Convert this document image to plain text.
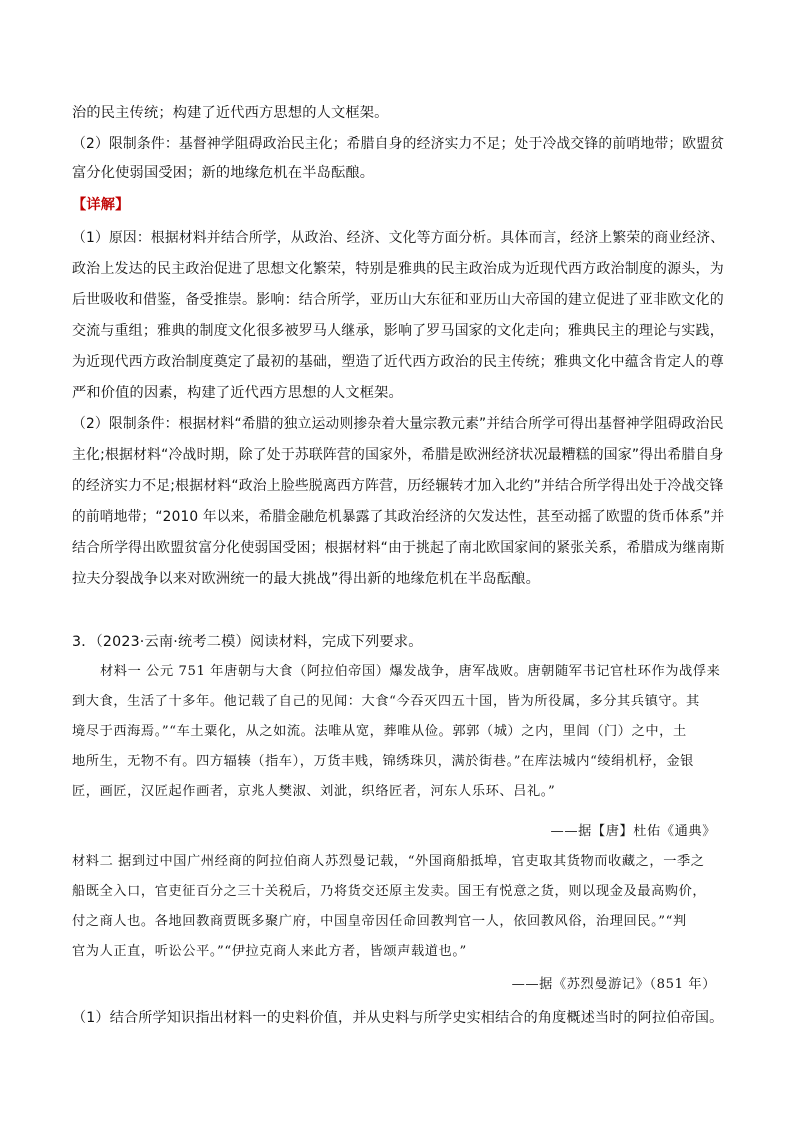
治的民主传统；构建了近代西方思想的人文框架。
（2）限制条件：基督神学阻碍政治民主化；希腊自身的经济实力不足；处于冷战交锋的前哨地带；欧盟贫
富分化使弱国受困；新的地缘危机在半岛酝酿。
【详解】
（1）原因：根据材料并结合所学，从政治、经济、文化等方面分析。具体而言，经济上繁荣的商业经济、
政治上发达的民主政治促进了思想文化繁荣，特别是雅典的民主政治成为近现代西方政治制度的源头，为
后世吸收和借鉴，备受推崇。影响：结合所学，亚历山大东征和亚历山大帝国的建立促进了亚非欧文化的
交流与重组；雅典的制度文化很多被罗马人继承，影响了罗马国家的文化走向；雅典民主的理论与实践，
为近现代西方政治制度奠定了最初的基础，塑造了近代西方政治的民主传统；雅典文化中蕴含肯定人的尊
严和价值的因素，构建了近代西方思想的人文框架。
（2）限制条件：根据材料“希腊的独立运动则掺杂着大量宗教元素”并结合所学可得出基督神学阻碍政治民
主化;根据材料“冷战时期，除了处于苏联阵营的国家外，希腊是欧洲经济状况最糟糕的国家”得出希腊自身
的经济实力不足;根据材料“政治上脸些脱离西方阵营，历经辗转才加入北约”并结合所学得出处于冷战交锋
的前哨地带；“2010 年以来，希腊金融危机暴露了其政治经济的欠发达性，甚至动摇了欧盟的货币体系”并
结合所学得出欧盟贫富分化使弱国受困；根据材料“由于挑起了南北欧国家间的紧张关系，希腊成为继南斯
拉夫分裂战争以来对欧洲统一的最大挑战”得出新的地缘危机在半岛酝酿。
3．（2023·云南·统考二模）阅读材料，完成下列要求。
材料一 公元 751 年唐朝与大食（阿拉伯帝国）爆发战争，唐军战败。唐朝随军书记官杜环作为战俘来
到大食，生活了十多年。他记载了自己的见闻：大食“今吞灭四五十国，皆为所役属，多分其兵镇守。其
境尽于西海焉。”“车土粟化，从之如流。法唯从宽，葬唯从俭。郭郭（城）之内，里闾（门）之中，土
地所生，无物不有。四方辐辏（指车），万货丰贱，锦绣珠贝，满於街巷。”在库法城内“绫绢机杼，金银
匠，画匠，汉匠起作画者，京兆人樊淑、刘泚，织络匠者，河东人乐环、吕礼。”
——据【唐】杜佑《通典》
材料二 据到过中国广州经商的阿拉伯商人苏烈曼记载，“外国商船抵埠，官吏取其货物而收藏之，一季之
船既全入口，官吏征百分之三十关税后，乃将货交还原主发卖。国王有悦意之货，则以现金及最高购价，
付之商人也。各地回教商贾既多聚广府，中国皇帝因任命回教判官一人，依回教风俗，治理回民。”“判
官为人正直，听讼公平。”“伊拉克商人来此方者，皆颂声载道也。”
——据《苏烈曼游记》（851 年）
（1）结合所学知识指出材料一的史料价值，并从史料与所学史实相结合的角度概述当时的阿拉伯帝国。
